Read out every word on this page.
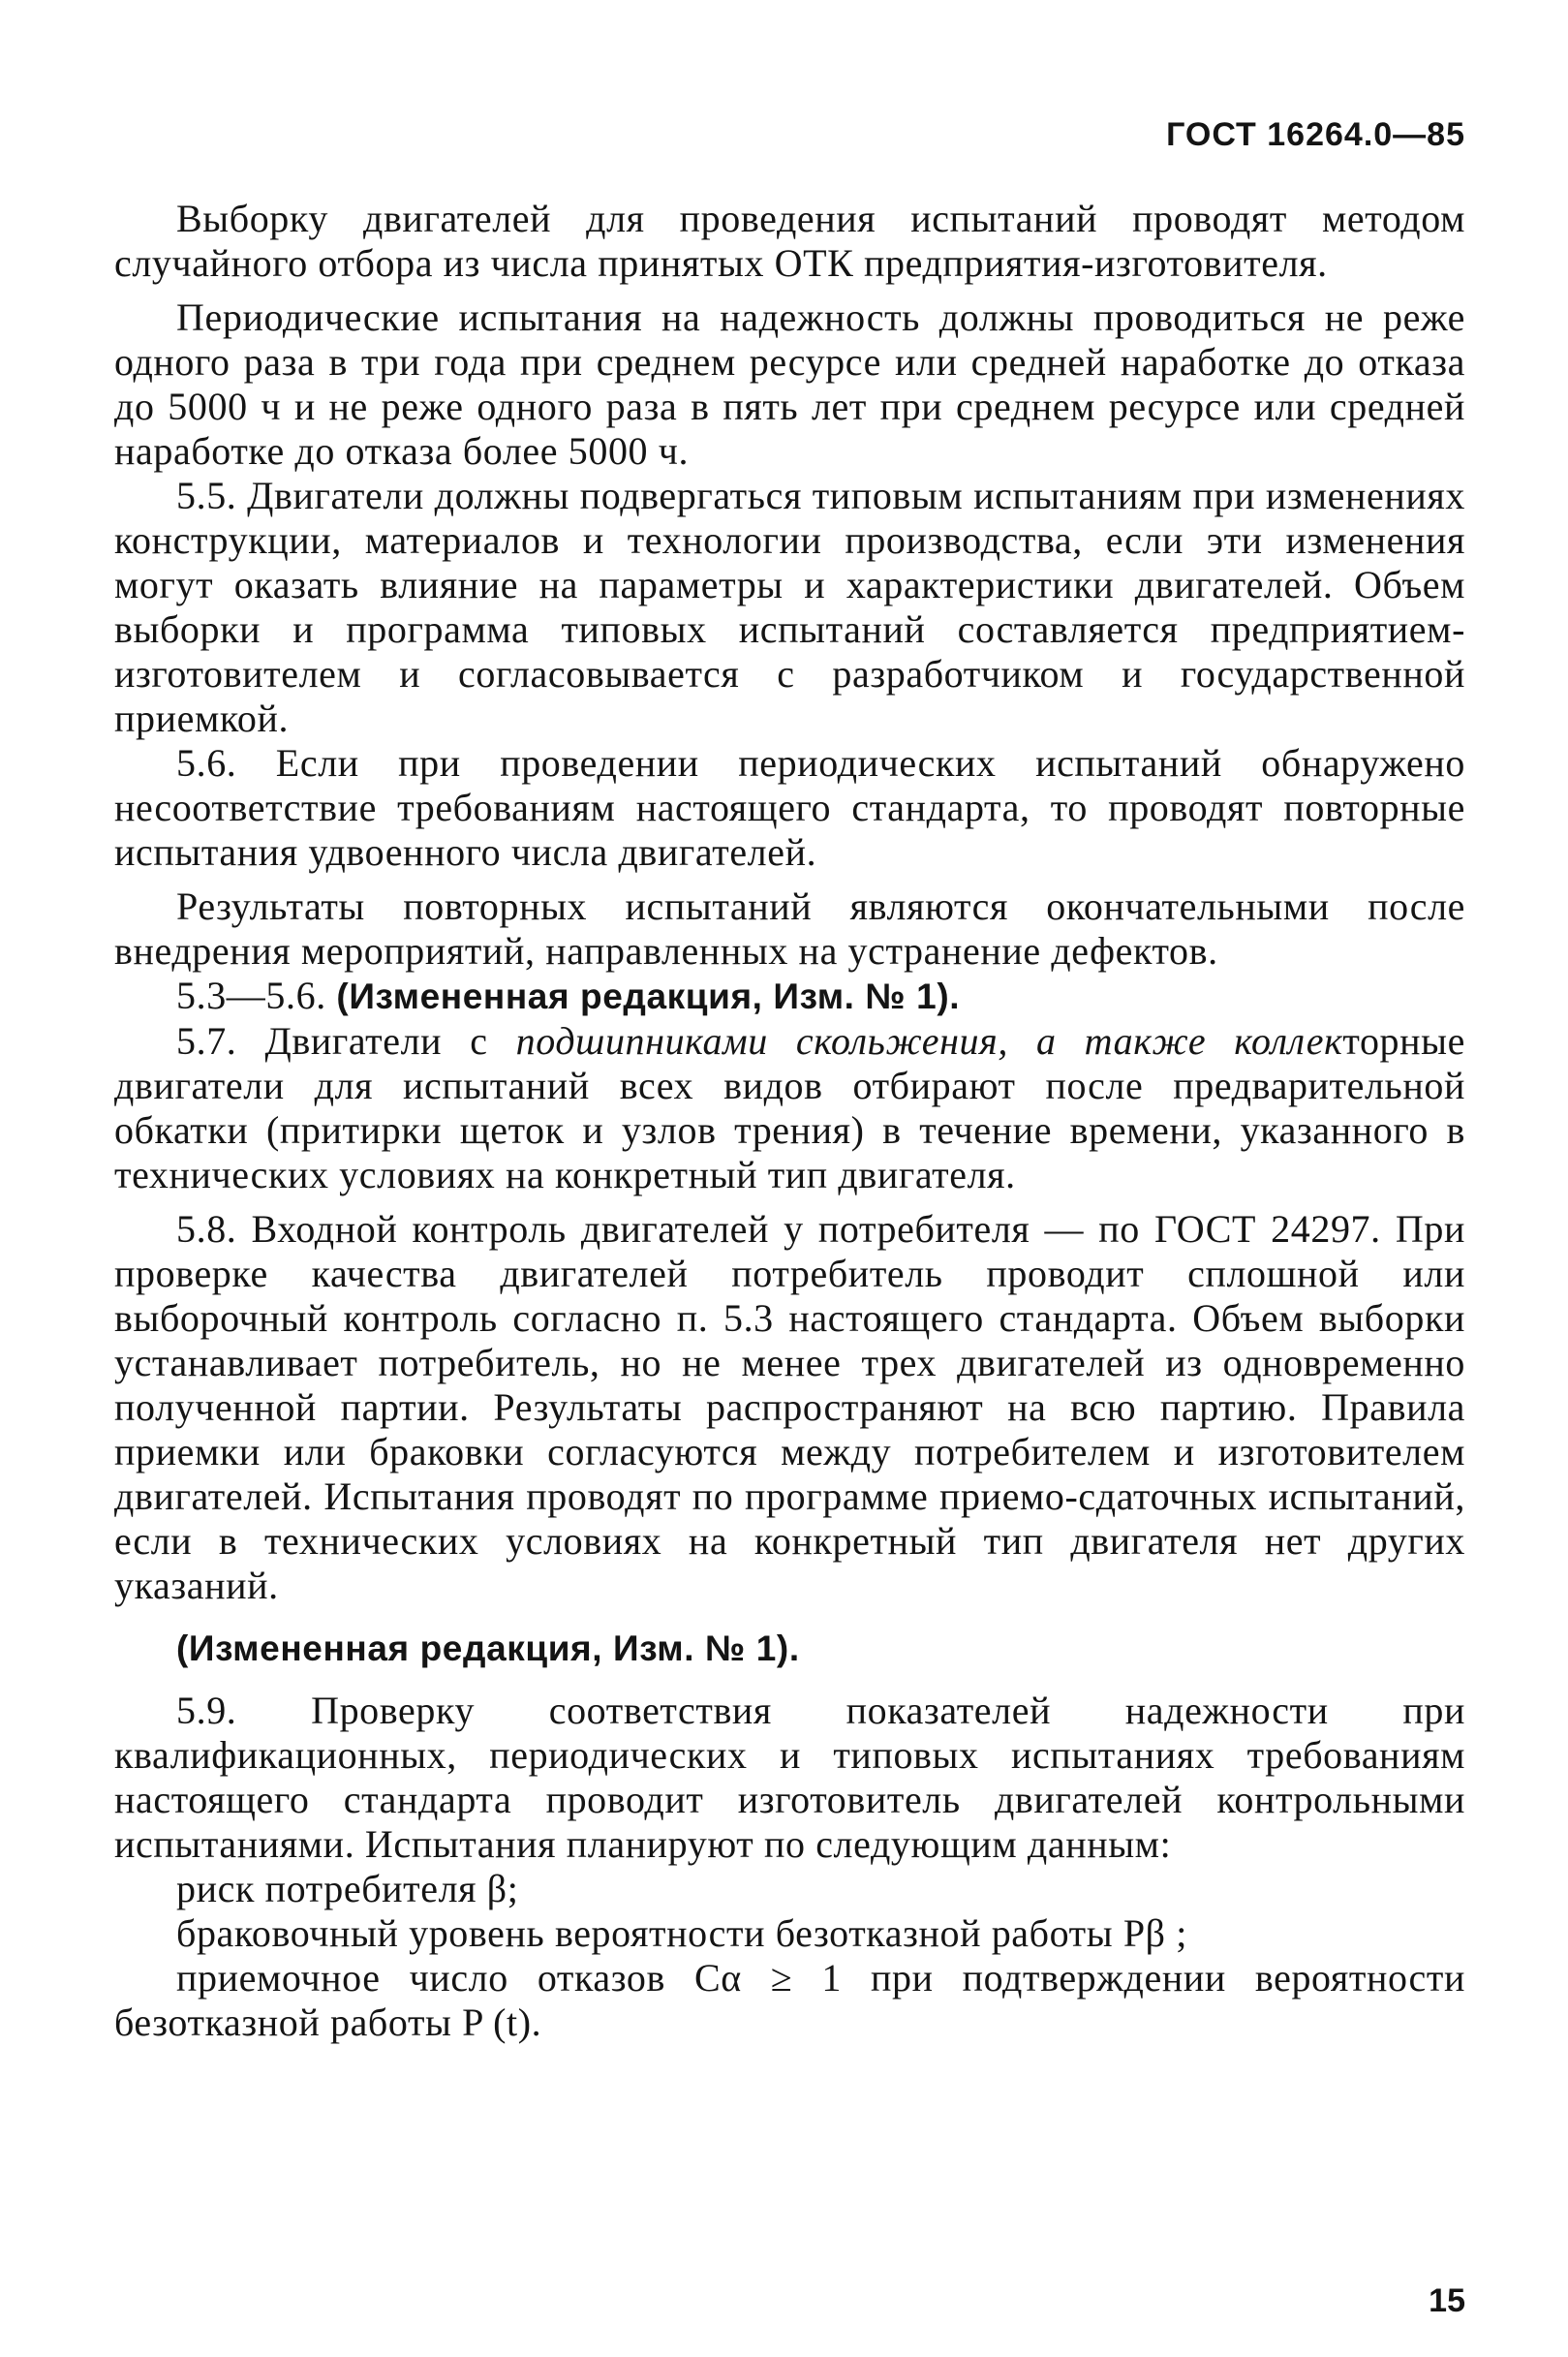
ГОСТ 16264.0—85

Выборку двигателей для проведения испытаний проводят методом случайного отбора из числа принятых ОТК предприятия-изготовителя.

Периодические испытания на надежность должны проводиться не реже одного раза в три года при среднем ресурсе или средней наработке до отказа до 5000 ч и не реже одного раза в пять лет при среднем ресурсе или средней наработке до отказа более 5000 ч.

5.5. Двигатели должны подвергаться типовым испытаниям при изменениях конструкции, материалов и технологии производства, если эти изменения могут оказать влияние на параметры и характеристики двигателей. Объем выборки и программа типовых испытаний составляется предприятием-изготовителем и согласовывается с разработчиком и государственной приемкой.

5.6. Если при проведении периодических испытаний обнаружено несоответствие требованиям настоящего стандарта, то проводят повторные испытания удвоенного числа двигателей.

Результаты повторных испытаний являются окончательными после внедрения мероприятий, направленных на устранение дефектов.

5.3—5.6. (Измененная редакция, Изм. № 1).

5.7. Двигатели с подшипниками скольжения, а также коллекторные двигатели для испытаний всех видов отбирают после предварительной обкатки (притирки щеток и узлов трения) в течение времени, указанного в технических условиях на конкретный тип двигателя.

5.8. Входной контроль двигателей у потребителя — по ГОСТ 24297. При проверке качества двигателей потребитель проводит сплошной или выборочный контроль согласно п. 5.3 настоящего стандарта. Объем выборки устанавливает потребитель, но не менее трех двигателей из одновременно полученной партии. Результаты распространяют на всю партию. Правила приемки или браковки согласуются между потребителем и изготовителем двигателей. Испытания проводят по программе приемо-сдаточных испытаний, если в технических условиях на конкретный тип двигателя нет других указаний.

(Измененная редакция, Изм. № 1).

5.9. Проверку соответствия показателей надежности при квалификационных, периодических и типовых испытаниях требованиям настоящего стандарта проводит изготовитель двигателей контрольными испытаниями. Испытания планируют по следующим данным:

риск потребителя β;

браковочный уровень вероятности безотказной работы Pβ ;

приемочное число отказов Cα ≥ 1 при подтверждении вероятности безотказной работы P (t).

15
